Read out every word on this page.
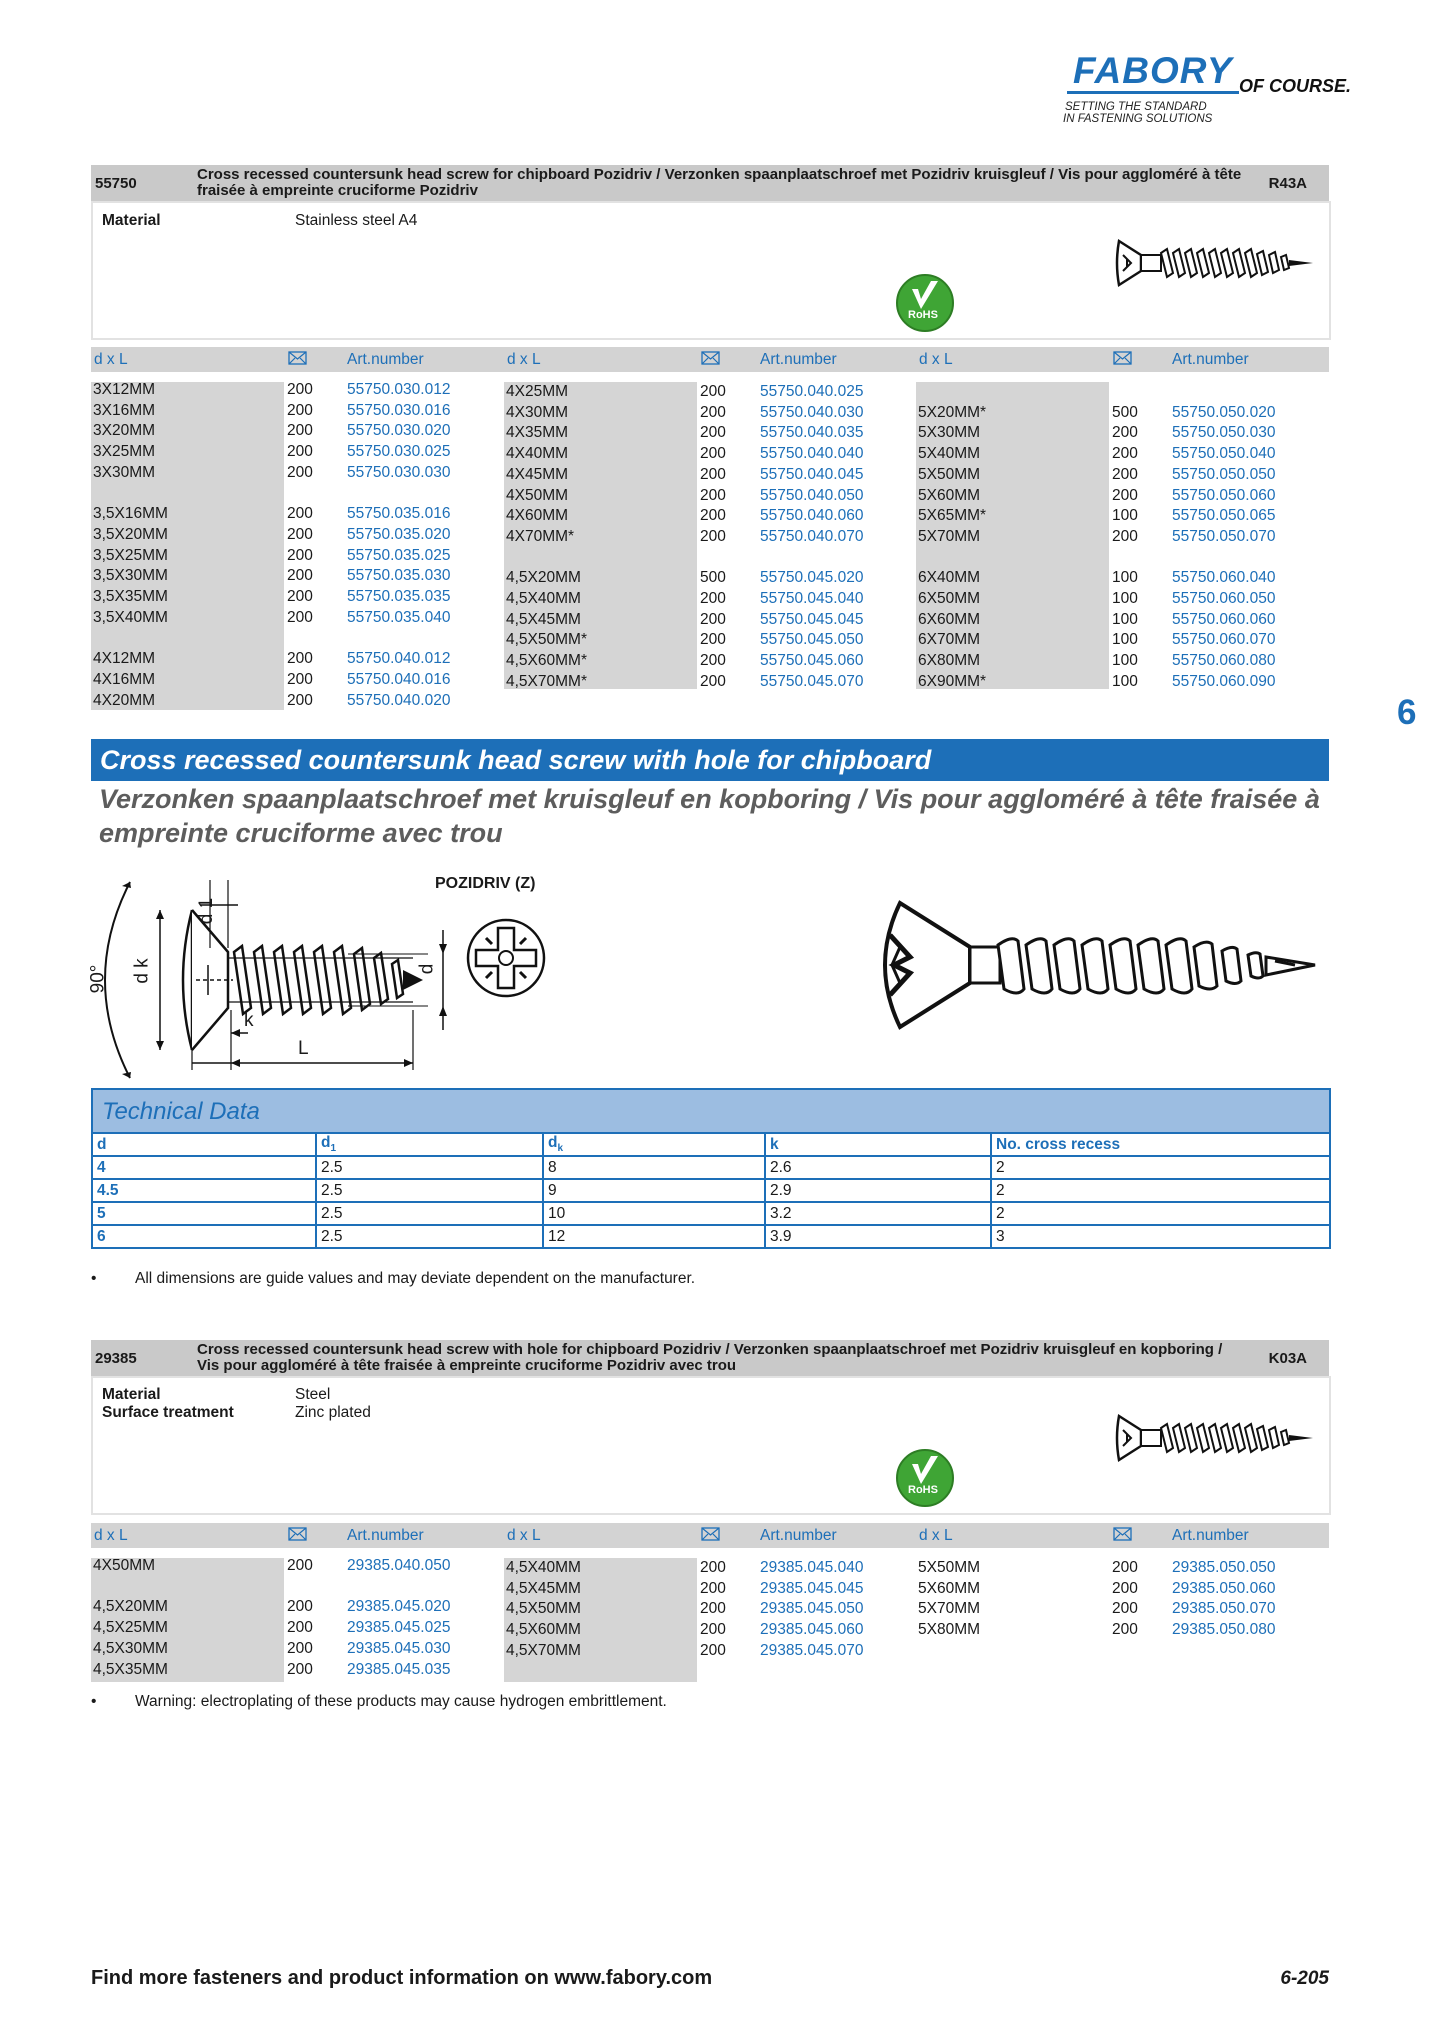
FABORY OF COURSE.
SETTING THE STANDARD
IN FASTENING SOLUTIONS
6
55750
Cross recessed countersunk head screw for chipboard Pozidriv / Verzonken spaanplaatschroef met Pozidriv kruisgleuf / Vis pour aggloméré à tête fraisée à empreinte cruciforme Pozidriv	R43A
Material	Stainless steel A4
RoHS
d x L	Art.number	d x L	Art.number	d x L	Art.number
3X12MM	200 55750.030.012
3X16MM	200 55750.030.016
3X20MM	200 55750.030.020
3X25MM	200 55750.030.025
3X30MM	200 55750.030.030
3,5X16MM	200 55750.035.016
3,5X20MM	200 55750.035.020
3,5X25MM	200 55750.035.025
3,5X30MM	200 55750.035.030
3,5X35MM	200 55750.035.035
3,5X40MM	200 55750.035.040
4X12MM	200 55750.040.012
4X16MM	200 55750.040.016
4X20MM	200 55750.040.020
4X25MM	200 55750.040.025
4X30MM	200 55750.040.030
4X35MM	200 55750.040.035
4X40MM	200 55750.040.040
4X45MM	200 55750.040.045
4X50MM	200 55750.040.050
4X60MM	200 55750.040.060
4X70MM*	200 55750.040.070
4,5X20MM	500 55750.045.020
4,5X40MM	200 55750.045.040
4,5X45MM	200 55750.045.045
4,5X50MM*	200 55750.045.050
4,5X60MM*	200 55750.045.060
4,5X70MM*	200 55750.045.070
5X20MM*	500 55750.050.020
5X30MM	200 55750.050.030
5X40MM	200 55750.050.040
5X50MM	200 55750.050.050
5X60MM	200 55750.050.060
5X65MM*	100 55750.050.065
5X70MM	200 55750.050.070
6X40MM	100 55750.060.040
6X50MM	100 55750.060.050
6X60MM	100 55750.060.060
6X70MM	100 55750.060.070
6X80MM	100 55750.060.080
6X90MM*	100 55750.060.090
Cross recessed countersunk head screw with hole for chipboard
Verzonken spaanplaatschroef met kruisgleuf en kopboring / Vis pour aggloméré à tête fraisée à empreinte cruciforme avec trou
90°
d 1
d k	d
k
L
POZIDRIV (Z)
Technical Data
d	$d_1$	$d_k$	k	No. cross recess
4	2.5	8	2.6	2
4.5	2.5	9	2.9	2
5	2.5	10	3.2	2
6	2.5	12	3.9	3
• All dimensions are guide values and may deviate dependent on the manufacturer.
29385
Cross recessed countersunk head screw with hole for chipboard Pozidriv / Verzonken spaanplaatschroef met Pozidriv kruisgleuf en kopboring / Vis pour aggloméré à tête fraisée à empreinte cruciforme Pozidriv avec trou	K03A
Material	Steel
Surface treatment	Zinc plated
RoHS
d x L	Art.number	d x L	Art.number	d x L	Art.number
4X50MM	200 29385.040.050
4,5X20MM	200 29385.045.020
4,5X25MM	200 29385.045.025
4,5X30MM	200 29385.045.030
4,5X35MM	200 29385.045.035
4,5X40MM	200 29385.045.040
4,5X45MM	200 29385.045.045
4,5X50MM	200 29385.045.050
4,5X60MM	200 29385.045.060
4,5X70MM	200 29385.045.070
5X50MM	200 29385.050.050
5X60MM	200 29385.050.060
5X70MM	200 29385.050.070
5X80MM	200 29385.050.080
• Warning: electroplating of these products may cause hydrogen embrittlement.
Find more fasteners and product information on www.fabory.com	6-205
